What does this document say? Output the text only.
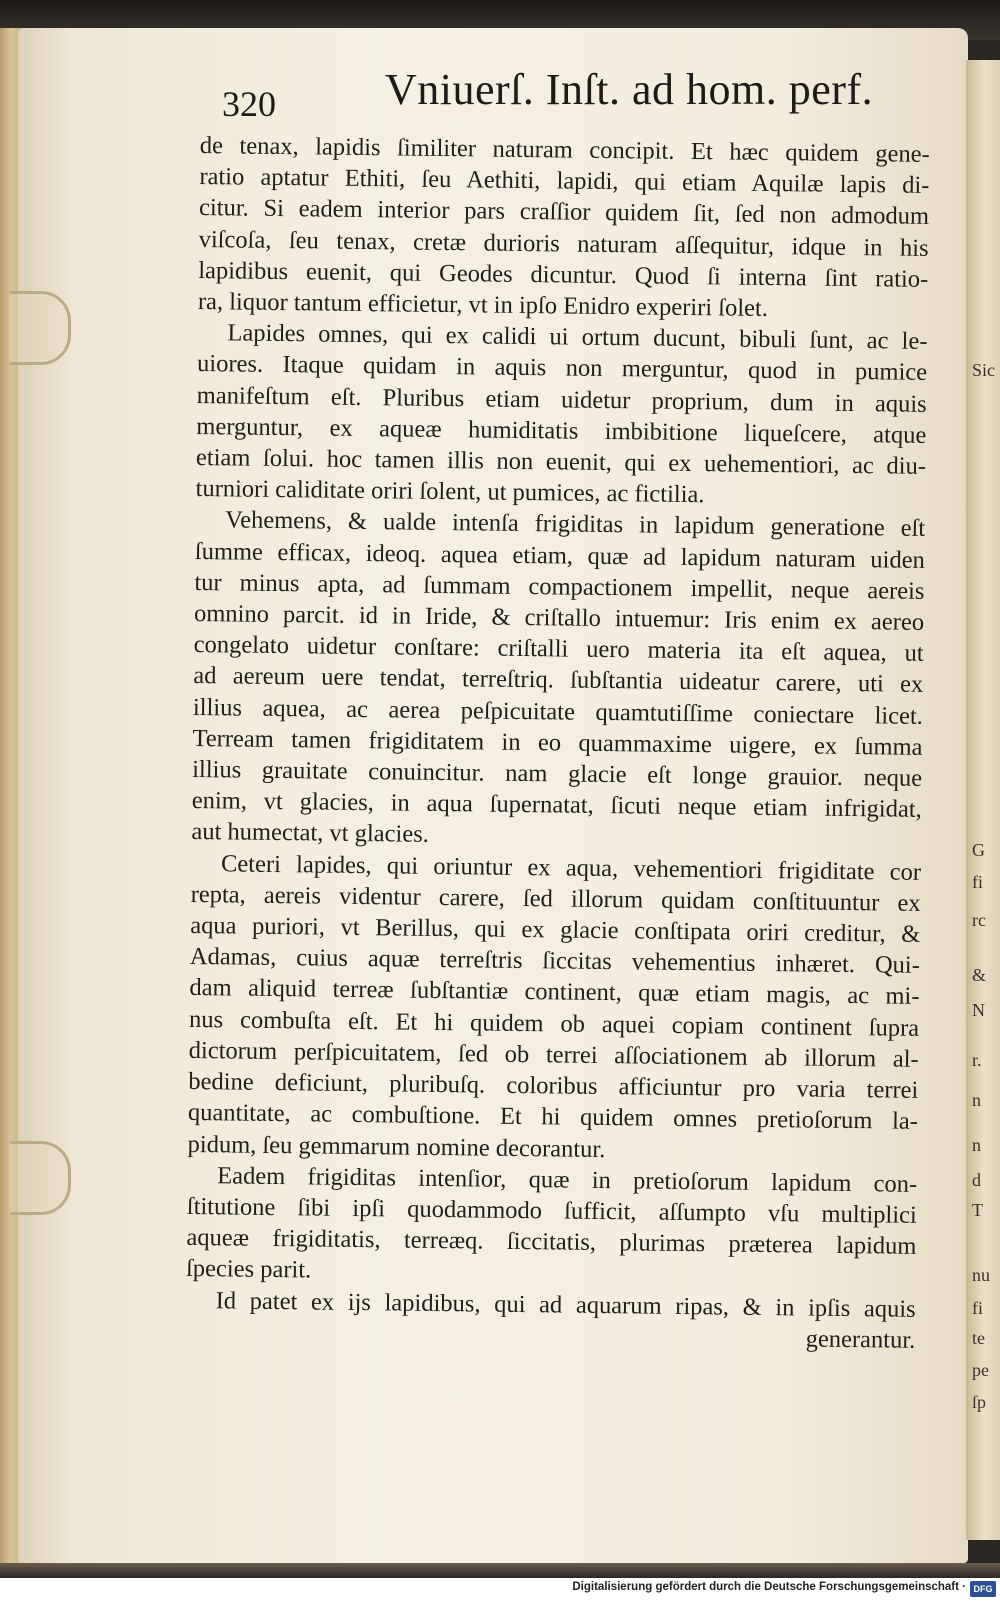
Sic
G
fi
rc
&
N
r.
n
n
d
T
nu
fi
te
pe
ſp
320 Vniuerſ. Inſt. ad hom. perf.
de tenax, lapidis ſimiliter naturam concipit. Et hæc quidem gene-
ratio aptatur Ethiti, ſeu Aethiti, lapidi, qui etiam Aquilæ lapis di-
citur. Si eadem interior pars craſſior quidem ſit, ſed non admodum
viſcoſa, ſeu tenax, cretæ durioris naturam aſſequitur, idque in his
lapidibus euenit, qui Geodes dicuntur. Quod ſi interna ſint ratio-
ra, liquor tantum efficietur, vt in ipſo Enidro experiri ſolet.
Lapides omnes, qui ex calidi ui ortum ducunt, bibuli ſunt, ac le-
uiores. Itaque quidam in aquis non merguntur, quod in pumice
manifeſtum eſt. Pluribus etiam uidetur proprium, dum in aquis
merguntur, ex aqueæ humiditatis imbibitione liqueſcere, atque
etiam ſolui. hoc tamen illis non euenit, qui ex uehementiori, ac diu-
turniori caliditate oriri ſolent, ut pumices, ac fictilia.
Vehemens, & ualde intenſa frigiditas in lapidum generatione eſt
ſumme efficax, ideoq. aquea etiam, quæ ad lapidum naturam uiden
tur minus apta, ad ſummam compactionem impellit, neque aereis
omnino parcit. id in Iride, & criſtallo intuemur: Iris enim ex aereo
congelato uidetur conſtare: criſtalli uero materia ita eſt aquea, ut
ad aereum uere tendat, terreſtriq. ſubſtantia uideatur carere, uti ex
illius aquea, ac aerea peſpicuitate quamtutiſſime coniectare licet.
Terream tamen frigiditatem in eo quammaxime uigere, ex ſumma
illius grauitate conuincitur. nam glacie eſt longe grauior. neque
enim, vt glacies, in aqua ſupernatat, ſicuti neque etiam infrigidat,
aut humectat, vt glacies.
Ceteri lapides, qui oriuntur ex aqua, vehementiori frigiditate cor
repta, aereis videntur carere, ſed illorum quidam conſtituuntur ex
aqua puriori, vt Berillus, qui ex glacie conſtipata oriri creditur, &
Adamas, cuius aquæ terreſtris ſiccitas vehementius inhæret. Qui-
dam aliquid terreæ ſubſtantiæ continent, quæ etiam magis, ac mi-
nus combuſta eſt. Et hi quidem ob aquei copiam continent ſupra
dictorum perſpicuitatem, ſed ob terrei aſſociationem ab illorum al-
bedine deficiunt, pluribuſq. coloribus afficiuntur pro varia terrei
quantitate, ac combuſtione. Et hi quidem omnes pretioſorum la-
pidum, ſeu gemmarum nomine decorantur.
Eadem frigiditas intenſior, quæ in pretioſorum lapidum con-
ſtitutione ſibi ipſi quodammodo ſufficit, aſſumpto vſu multiplici
aqueæ frigiditatis, terreæq. ſiccitatis, plurimas præterea lapidum
ſpecies parit.
Id patet ex ijs lapidibus, qui ad aquarum ripas, & in ipſis aquis
generantur.
Digitalisierung gefördert durch die Deutsche Forschungsgemeinschaft · DFG
